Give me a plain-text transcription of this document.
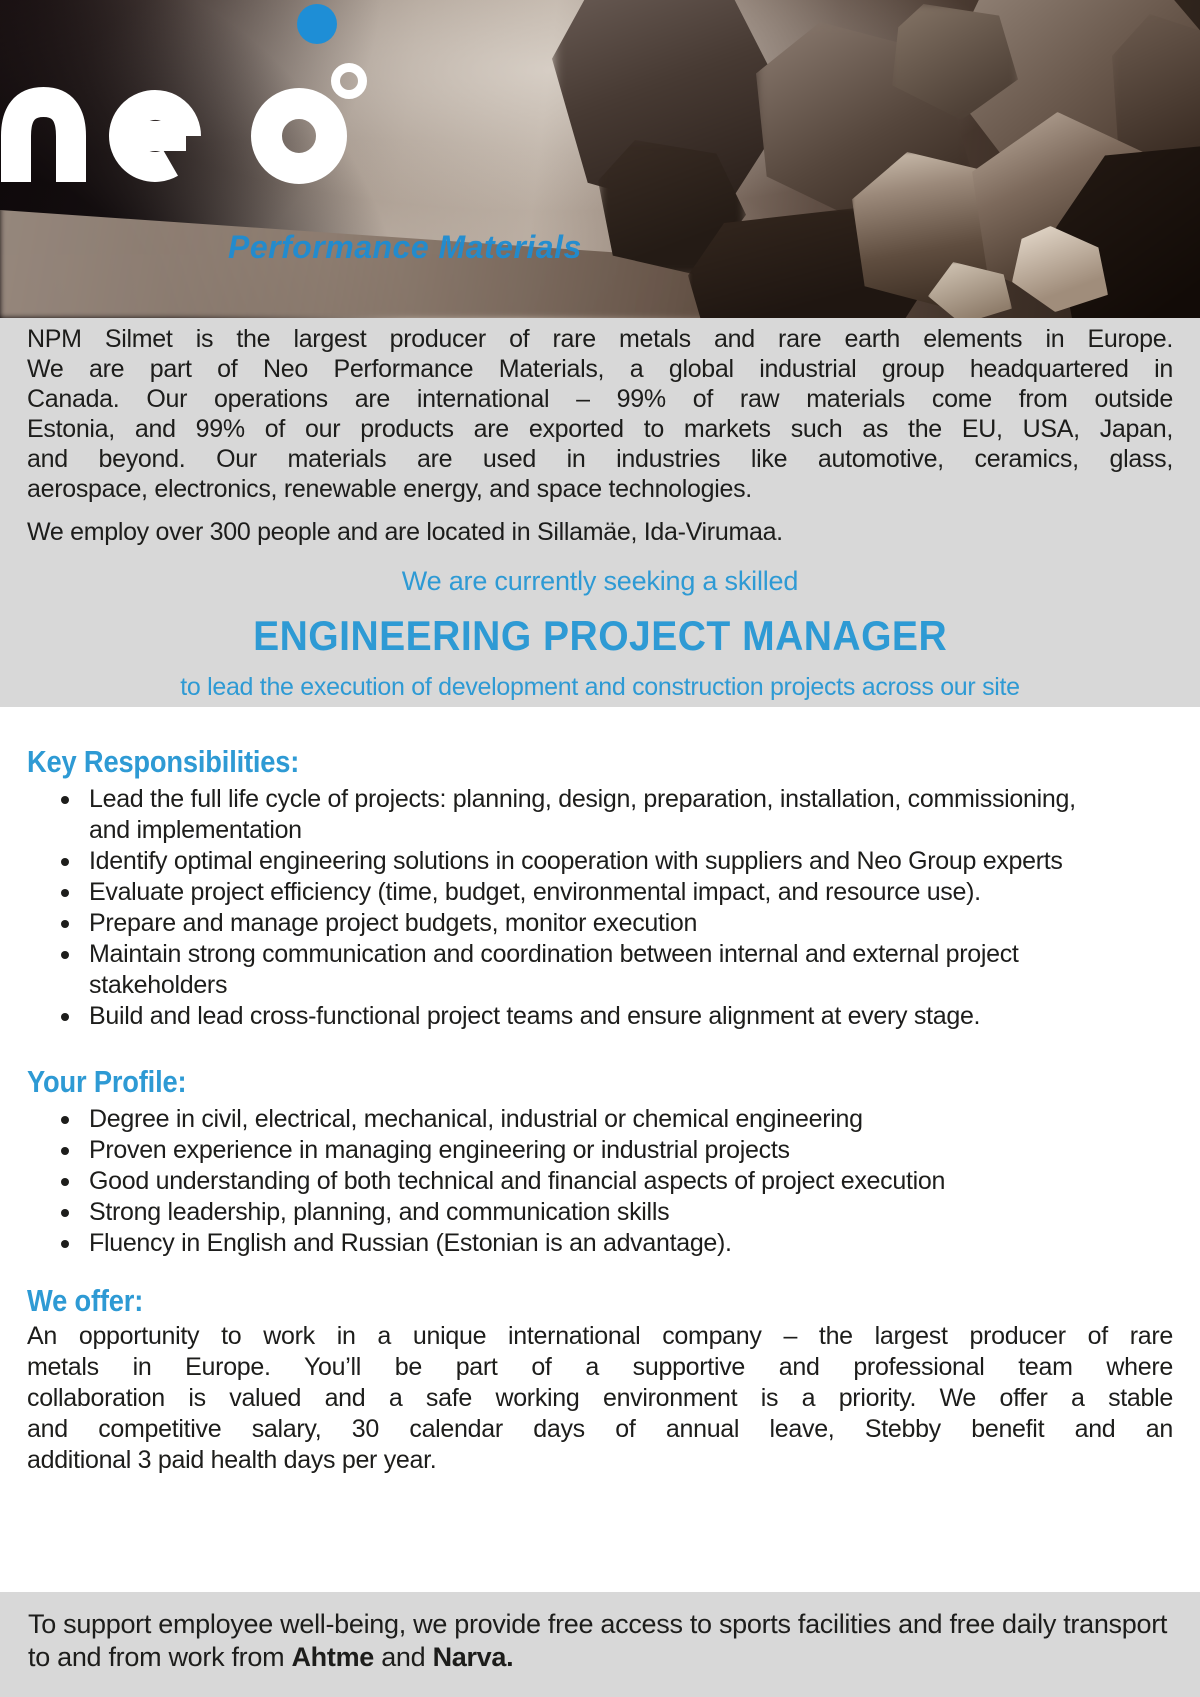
Performance Materials
NPM Silmet is the largest producer of rare metals and rare earth elements in Europe.
We are part of Neo Performance Materials, a global industrial group headquartered in
Canada. Our operations are international – 99% of raw materials come from outside
Estonia, and 99% of our products are exported to markets such as the EU, USA, Japan,
and beyond. Our materials are used in industries like automotive, ceramics, glass,
aerospace, electronics, renewable energy, and space technologies.

We employ over 300 people and are located in Sillamäe, Ida-Virumaa.

We are currently seeking a skilled

ENGINEERING PROJECT MANAGER

to lead the execution of development and construction projects across our site

Key Responsibilities:
Lead the full life cycle of projects: planning, design, preparation, installation, commissioning, and implementation
Identify optimal engineering solutions in cooperation with suppliers and Neo Group experts
Evaluate project efficiency (time, budget, environmental impact, and resource use).
Prepare and manage project budgets, monitor execution
Maintain strong communication and coordination between internal and external project stakeholders
Build and lead cross-functional project teams and ensure alignment at every stage.
Your Profile:
Degree in civil, electrical, mechanical, industrial or chemical engineering
Proven experience in managing engineering or industrial projects
Good understanding of both technical and financial aspects of project execution
Strong leadership, planning, and communication skills
Fluency in English and Russian (Estonian is an advantage).
We offer:
An opportunity to work in a unique international company – the largest producer of rare
metals in Europe. You’ll be part of a supportive and professional team where
collaboration is valued and a safe working environment is a priority. We offer a stable
and competitive salary, 30 calendar days of annual leave, Stebby benefit and an
additional 3 paid health days per year.

To support employee well-being, we provide free access to sports facilities and free daily transport to and from work from Ahtme and Narva.
